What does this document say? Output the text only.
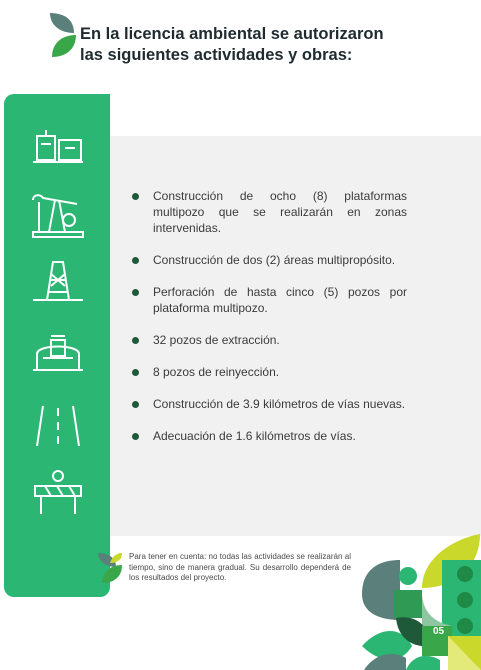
En la licencia ambiental se autorizaron
las siguientes actividades y obras:
Construcción de ocho (8) plataformas multipozo que se realizarán en zonas intervenidas.
Construcción de dos (2) áreas multipropósito.
Perforación de hasta cinco (5) pozos por plataforma multipozo.
32 pozos de extracción.
8 pozos de reinyección.
Construcción de 3.9 kilómetros de vías nuevas.
Adecuación de 1.6 kilómetros de vías.
Para tener en cuenta: no todas las actividades se realizarán al tiempo, sino de manera gradual. Su desarrollo dependerá de los resultados del proyecto.
05
